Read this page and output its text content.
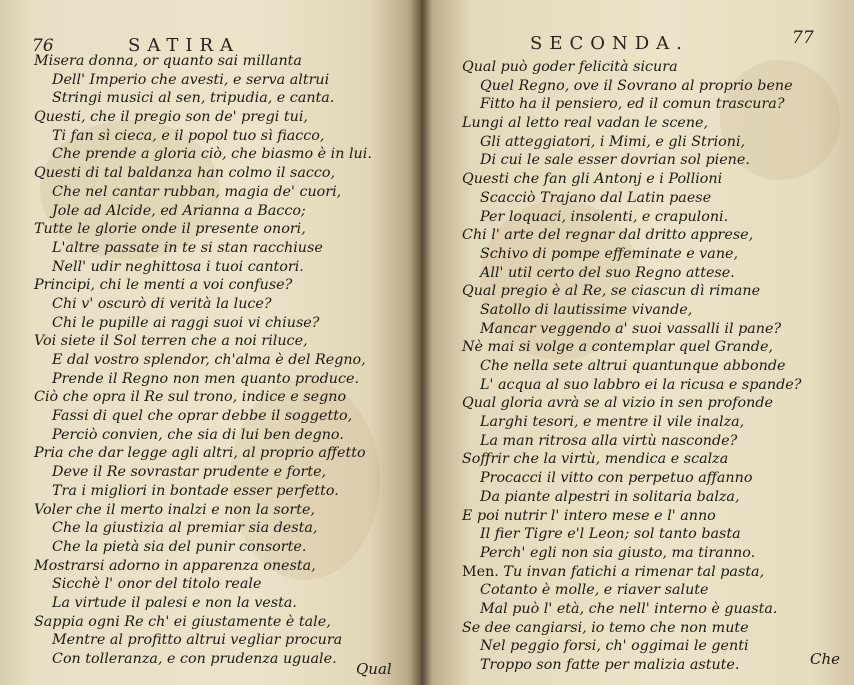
76	SATIRA
Misera donna, or quanto sai millanta
Dell' Imperio che avesti, e serva altrui
Stringi musici al sen, tripudia, e canta.
Questi, che il pregio son de' pregi tui,
Ti fan sì cieca, e il popol tuo sì fiacco,
Che prende a gloria ciò, che biasmo è in lui.
Questi di tal baldanza han colmo il sacco,
Che nel cantar rubban, magia de' cuori,
Jole ad Alcide, ed Arianna a Bacco;
Tutte le glorie onde il presente onori,
L'altre passate in te si stan racchiuse
Nell' udir neghittosa i tuoi cantori.
Principi, chi le menti a voi confuse?
Chi v' oscurò di verità la luce?
Chi le pupille ai raggi suoi vi chiuse?
Voi siete il Sol terren che a noi riluce,
E dal vostro splendor, ch'alma è del Regno,
Prende il Regno non men quanto produce.
Ciò che opra il Re sul trono, indice e segno
Fassi di quel che oprar debbe il soggetto,
Perciò convien, che sia di lui ben degno.
Pria che dar legge agli altri, al proprio affetto
Deve il Re sovrastar prudente e forte,
Tra i migliori in bontade esser perfetto.
Voler che il merto inalzi e non la sorte,
Che la giustizia al premiar sia desta,
Che la pietà sia del punir consorte.
Mostrarsi adorno in apparenza onesta,
Sicchè l' onor del titolo reale
La virtude il palesi e non la vesta.
Sappia ogni Re ch' ei giustamente è tale,
Mentre al profitto altrui vegliar procura
Con tolleranza, e con prudenza uguale.
Qual
SECONDA.	77
Qual può goder felicità sicura
Quel Regno, ove il Sovrano al proprio bene
Fitto ha il pensiero, ed il comun trascura?
Lungi al letto real vadan le scene,
Gli atteggiatori, i Mimi, e gli Strioni,
Di cui le sale esser dovrian sol piene.
Questi che fan gli Antonj e i Pollioni
Scacciò Trajano dal Latin paese
Per loquaci, insolenti, e crapuloni.
Chi l' arte del regnar dal dritto apprese,
Schivo di pompe effeminate e vane,
All' util certo del suo Regno attese.
Qual pregio è al Re, se ciascun dì rimane
Satollo di lautissime vivande,
Mancar veggendo a' suoi vassalli il pane?
Nè mai si volge a contemplar quel Grande,
Che nella sete altrui quantunque abbonde
L' acqua al suo labbro ei la ricusa e spande?
Qual gloria avrà se al vizio in sen profonde
Larghi tesori, e mentre il vile inalza,
La man ritrosa alla virtù nasconde?
Soffrir che la virtù, mendica e scalza
Procacci il vitto con perpetuo affanno
Da piante alpestri in solitaria balza,
E poi nutrir l' intero mese e l' anno
Il fier Tigre e'l Leon; sol tanto basta
Perch' egli non sia giusto, ma tiranno.
Men. Tu invan fatichi a rimenar tal pasta,
Cotanto è molle, e riaver salute
Mal può l' età, che nell' interno è guasta.
Se dee cangiarsi, io temo che non mute
Nel peggio forsi, ch' oggimai le genti
Troppo son fatte per malizia astute.	Che
